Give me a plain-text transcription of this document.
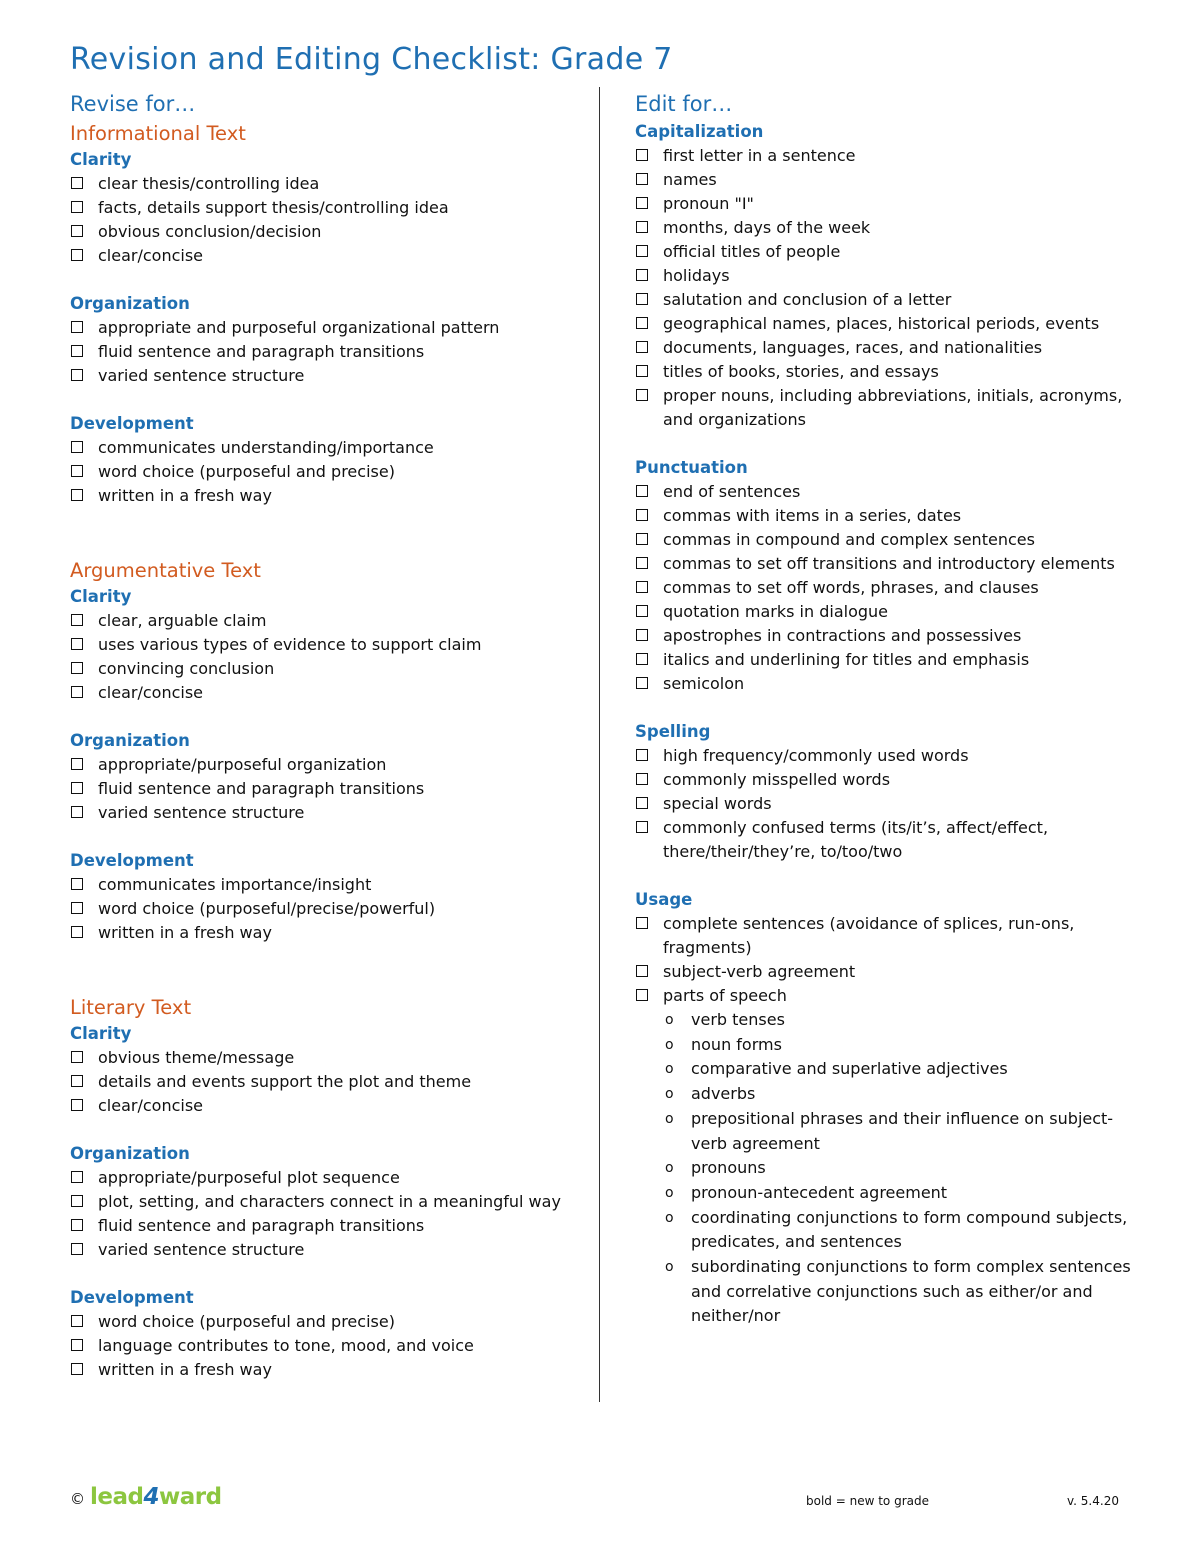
Revision and Editing Checklist: Grade 7
Revise for…
Informational Text
Clarity
clear thesis/controlling idea
facts, details support thesis/controlling idea
obvious conclusion/decision
clear/concise
Organization
appropriate and purposeful organizational pattern
fluid sentence and paragraph transitions
varied sentence structure
Development
communicates understanding/importance
word choice (purposeful and precise)
written in a fresh way
Argumentative Text
Clarity
clear, arguable claim
uses various types of evidence to support claim
convincing conclusion
clear/concise
Organization
appropriate/purposeful organization
fluid sentence and paragraph transitions
varied sentence structure
Development
communicates importance/insight
word choice (purposeful/precise/powerful)
written in a fresh way
Literary Text
Clarity
obvious theme/message
details and events support the plot and theme
clear/concise
Organization
appropriate/purposeful plot sequence
plot, setting, and characters connect in a meaningful way
fluid sentence and paragraph transitions
varied sentence structure
Development
word choice (purposeful and precise)
language contributes to tone, mood, and voice
written in a fresh way
Edit for…
Capitalization
first letter in a sentence
names
pronoun "I"
months, days of the week
official titles of people
holidays
salutation and conclusion of a letter
geographical names, places, historical periods, events
documents, languages, races, and nationalities
titles of books, stories, and essays
proper nouns, including abbreviations, initials, acronyms, and organizations
Punctuation
end of sentences
commas with items in a series, dates
commas in compound and complex sentences
commas to set off transitions and introductory elements
commas to set off words, phrases, and clauses
quotation marks in dialogue
apostrophes in contractions and possessives
italics and underlining for titles and emphasis
semicolon
Spelling
high frequency/commonly used words
commonly misspelled words
special words
commonly confused terms (its/it’s, affect/effect, there/their/they’re, to/too/two
Usage
complete sentences (avoidance of splices, run-ons, fragments)
subject-verb agreement
parts of speech
o verb tenses
o noun forms
o comparative and superlative adjectives
o adverbs
o prepositional phrases and their influence on subject-verb agreement
o pronouns
o pronoun-antecedent agreement
o coordinating conjunctions to form compound subjects, predicates, and sentences
o subordinating conjunctions to form complex sentences and correlative conjunctions such as either/or and neither/nor
© lead4ward	bold = new to grade	v. 5.4.20
